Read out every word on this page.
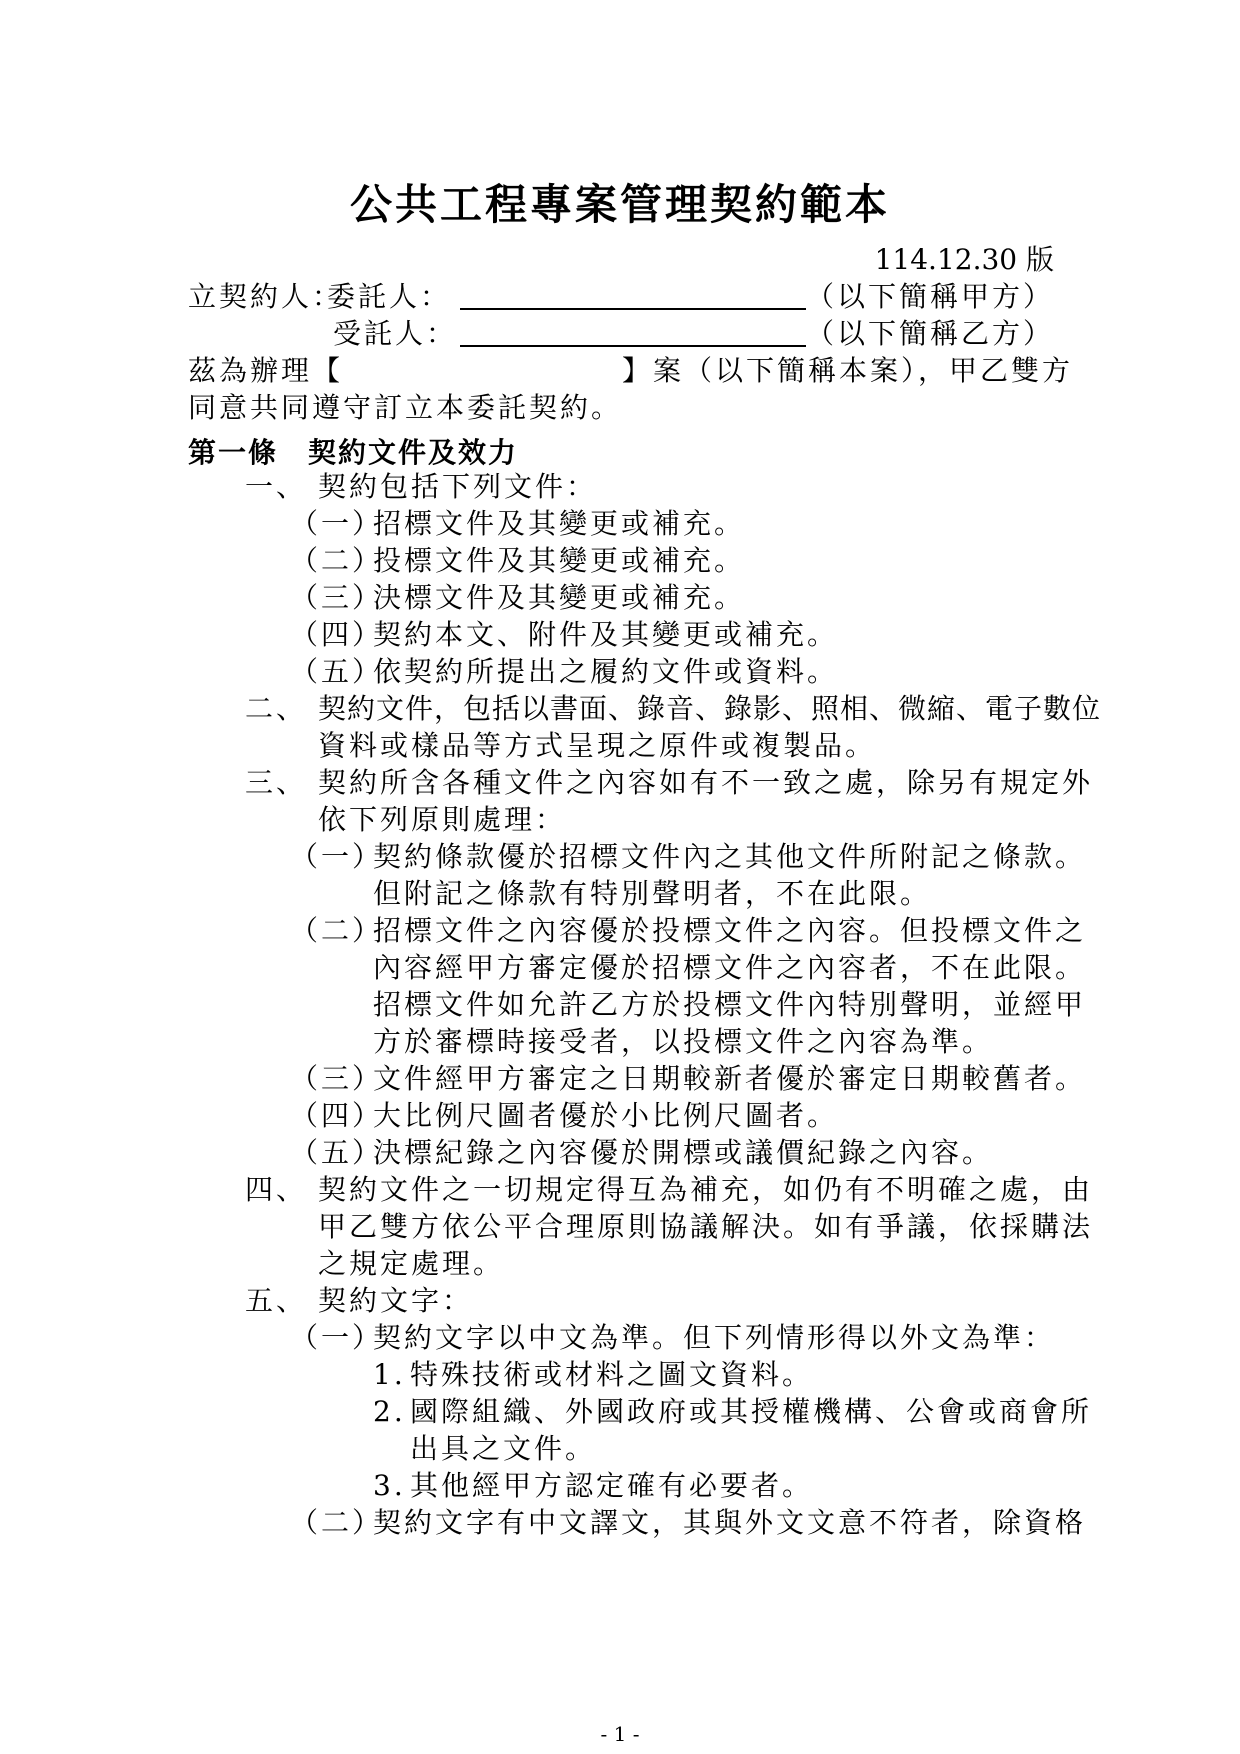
公共工程專案管理契約範本
114.12.30 版
立契約人：
委託人：	（以下簡稱甲方）
受託人：	（以下簡稱乙方）
茲為辦理【	】案（以下簡稱本案），甲乙雙方
同意共同遵守訂立本委託契約。
第一條　契約文件及效力
一、 契約包括下列文件：
（一）
招標文件及其變更或補充。
（二）
投標文件及其變更或補充。
（三）
決標文件及其變更或補充。
（四）
契約本文、附件及其變更或補充。
（五）
依契約所提出之履約文件或資料。
二、 契約文件，包括以書面、錄音、錄影、照相、微縮、電子數位
資料或樣品等方式呈現之原件或複製品。
三、 契約所含各種文件之內容如有不一致之處，除另有規定外
依下列原則處理：
（一）
契約條款優於招標文件內之其他文件所附記之條款。
但附記之條款有特別聲明者，不在此限。
（二）
招標文件之內容優於投標文件之內容。但投標文件之
內容經甲方審定優於招標文件之內容者，不在此限。
招標文件如允許乙方於投標文件內特別聲明，並經甲
方於審標時接受者，以投標文件之內容為準。
（三）
文件經甲方審定之日期較新者優於審定日期較舊者。
（四）
大比例尺圖者優於小比例尺圖者。
（五）
決標紀錄之內容優於開標或議價紀錄之內容。
四、 契約文件之一切規定得互為補充，如仍有不明確之處，由
甲乙雙方依公平合理原則協議解決。如有爭議，依採購法
之規定處理。
五、 契約文字：
（一）
契約文字以中文為準。但下列情形得以外文為準：
1. 特殊技術或材料之圖文資料。
2. 國際組織、外國政府或其授權機構、公會或商會所
出具之文件。
3. 其他經甲方認定確有必要者。
（二）
契約文字有中文譯文，其與外文文意不符者，除資格
- 1 -
